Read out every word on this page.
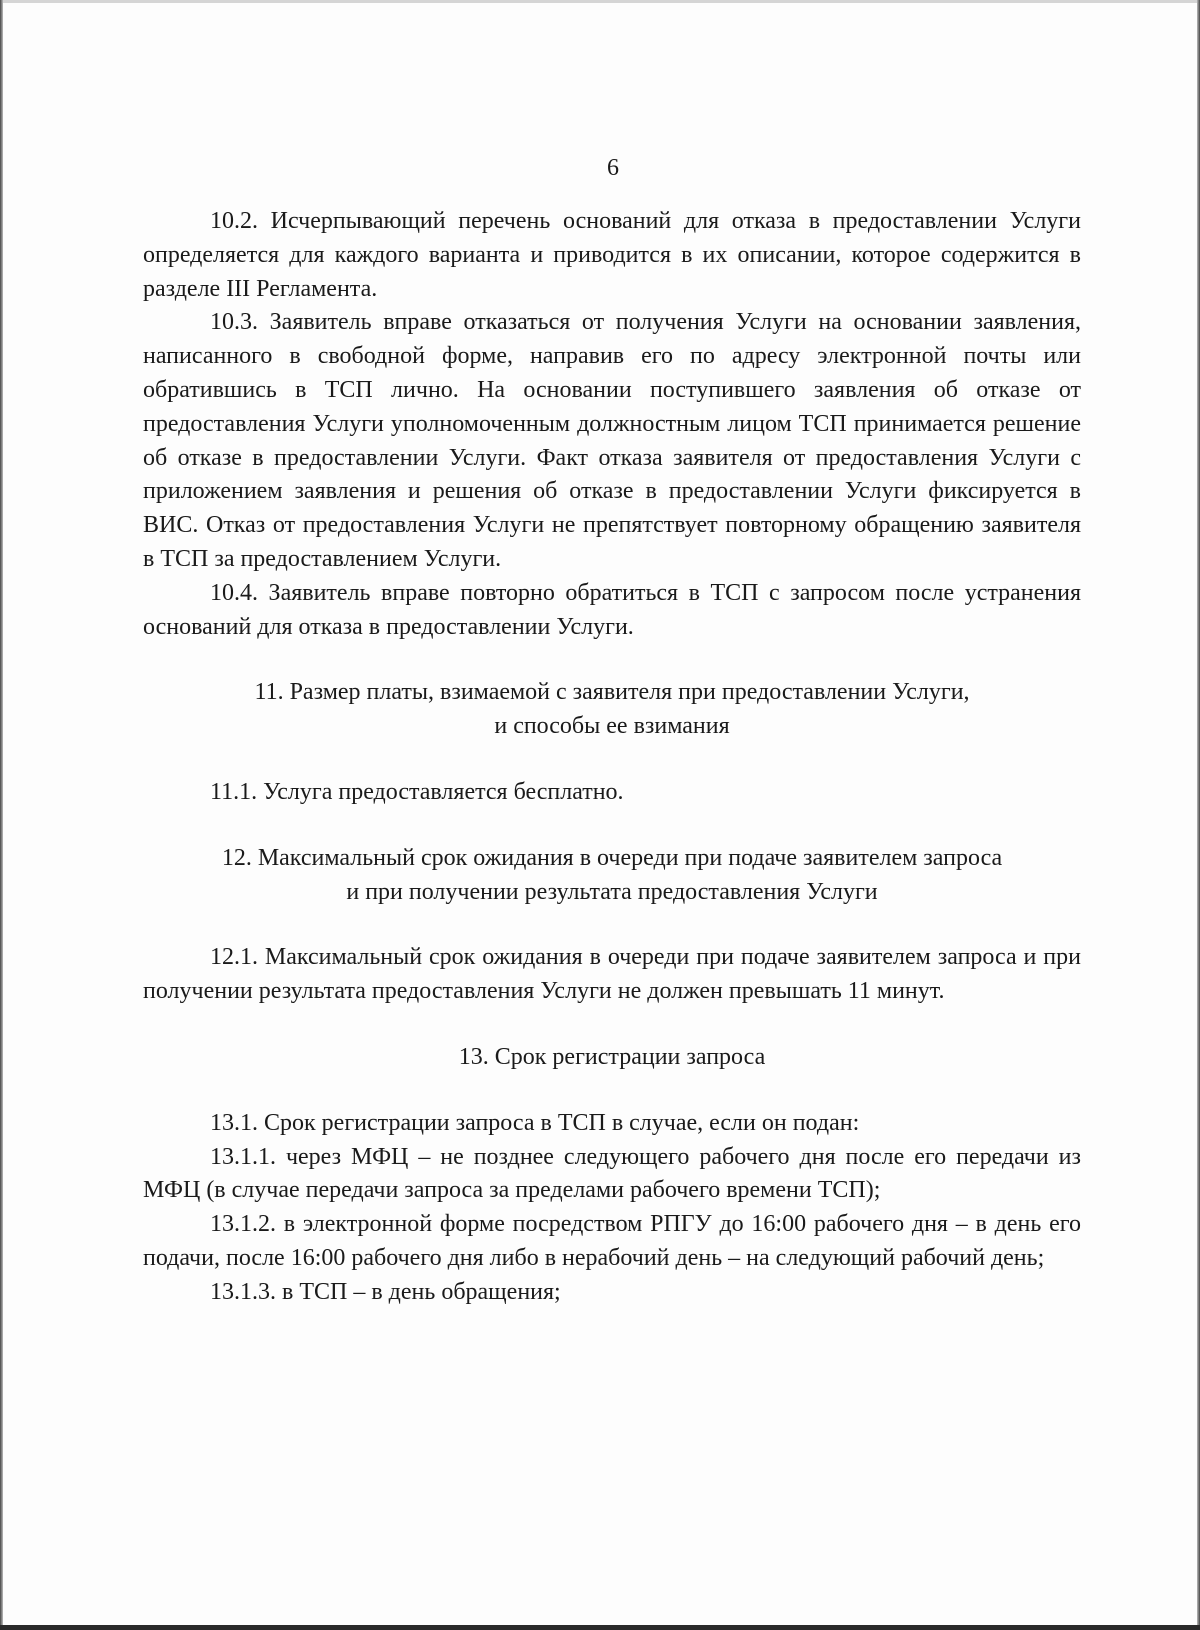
6

10.2. Исчерпывающий перечень оснований для отказа в предоставлении Услуги определяется для каждого варианта и приводится в их описании, которое содержится в разделе III Регламента.

10.3. Заявитель вправе отказаться от получения Услуги на основании заявления, написанного в свободной форме, направив его по адресу электронной почты или обратившись в ТСП лично. На основании поступившего заявления об отказе от предоставления Услуги уполномоченным должностным лицом ТСП принимается решение об отказе в предоставлении Услуги. Факт отказа заявителя от предоставления Услуги с приложением заявления и решения об отказе в предоставлении Услуги фиксируется в ВИС. Отказ от предоставления Услуги не препятствует повторному обращению заявителя в ТСП за предоставлением Услуги.

10.4. Заявитель вправе повторно обратиться в ТСП с запросом после устранения оснований для отказа в предоставлении Услуги.

11. Размер платы, взимаемой с заявителя при предоставлении Услуги,
и способы ее взимания

11.1. Услуга предоставляется бесплатно.

12. Максимальный срок ожидания в очереди при подаче заявителем запроса
и при получении результата предоставления Услуги

12.1. Максимальный срок ожидания в очереди при подаче заявителем запроса и при получении результата предоставления Услуги не должен превышать 11 минут.

13. Срок регистрации запроса

13.1. Срок регистрации запроса в ТСП в случае, если он подан:

13.1.1. через МФЦ – не позднее следующего рабочего дня после его передачи из МФЦ (в случае передачи запроса за пределами рабочего времени ТСП);

13.1.2. в электронной форме посредством РПГУ до 16:00 рабочего дня – в день его подачи, после 16:00 рабочего дня либо в нерабочий день – на следующий рабочий день;

13.1.3. в ТСП – в день обращения;
